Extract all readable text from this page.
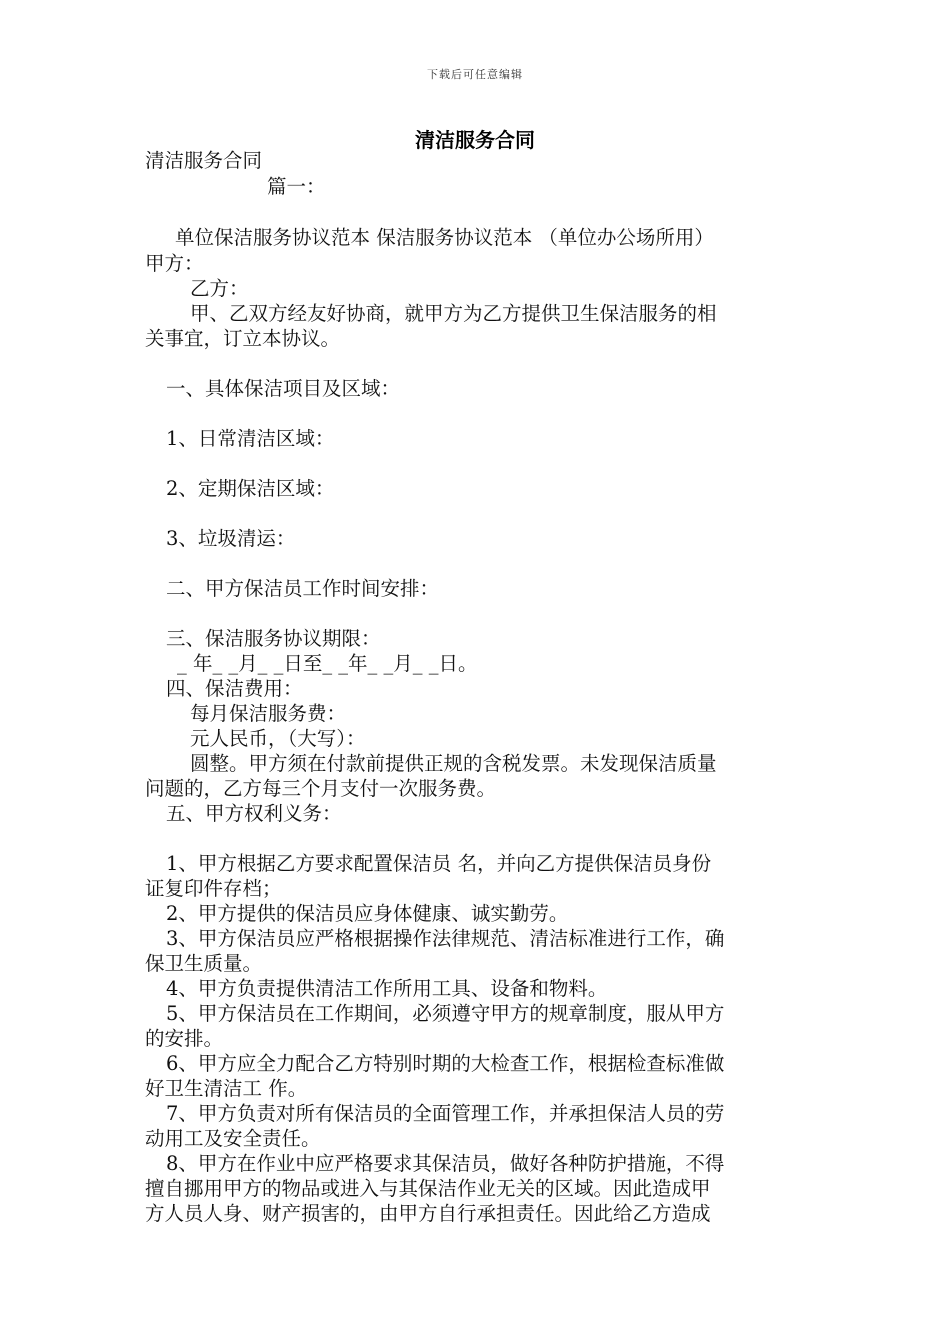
下载后可任意编辑
清洁服务合同
清洁服务合同
篇一：
单位保洁服务协议范本 保洁服务协议范本 （单位办公场所用）
甲方：
乙方：
甲、乙双方经友好协商，就甲方为乙方提供卫生保洁服务的相
关事宜，订立本协议。
一、具体保洁项目及区域：
1、日常清洁区域：
2、定期保洁区域：
3、垃圾清运：
二、甲方保洁员工作时间安排：
三、保洁服务协议期限：
_ 年_ _月_ _日至_ _年_ _月_ _日。
四、保洁费用：
每月保洁服务费：
元人民币，（大写）：
圆整。甲方须在付款前提供正规的含税发票。未发现保洁质量
问题的，乙方每三个月支付一次服务费。
五、甲方权利义务：
1、甲方根据乙方要求配置保洁员 名，并向乙方提供保洁员身份
证复印件存档；
2、甲方提供的保洁员应身体健康、诚实勤劳。
3、甲方保洁员应严格根据操作法律规范、清洁标准进行工作，确
保卫生质量。
4、甲方负责提供清洁工作所用工具、设备和物料。
5、甲方保洁员在工作期间，必须遵守甲方的规章制度，服从甲方
的安排。
6、甲方应全力配合乙方特别时期的大检查工作，根据检查标准做
好卫生清洁工 作。
7、甲方负责对所有保洁员的全面管理工作，并承担保洁人员的劳
动用工及安全责任。
8、甲方在作业中应严格要求其保洁员，做好各种防护措施，不得
擅自挪用甲方的物品或进入与其保洁作业无关的区域。因此造成甲
方人员人身、财产损害的，由甲方自行承担责任。因此给乙方造成
